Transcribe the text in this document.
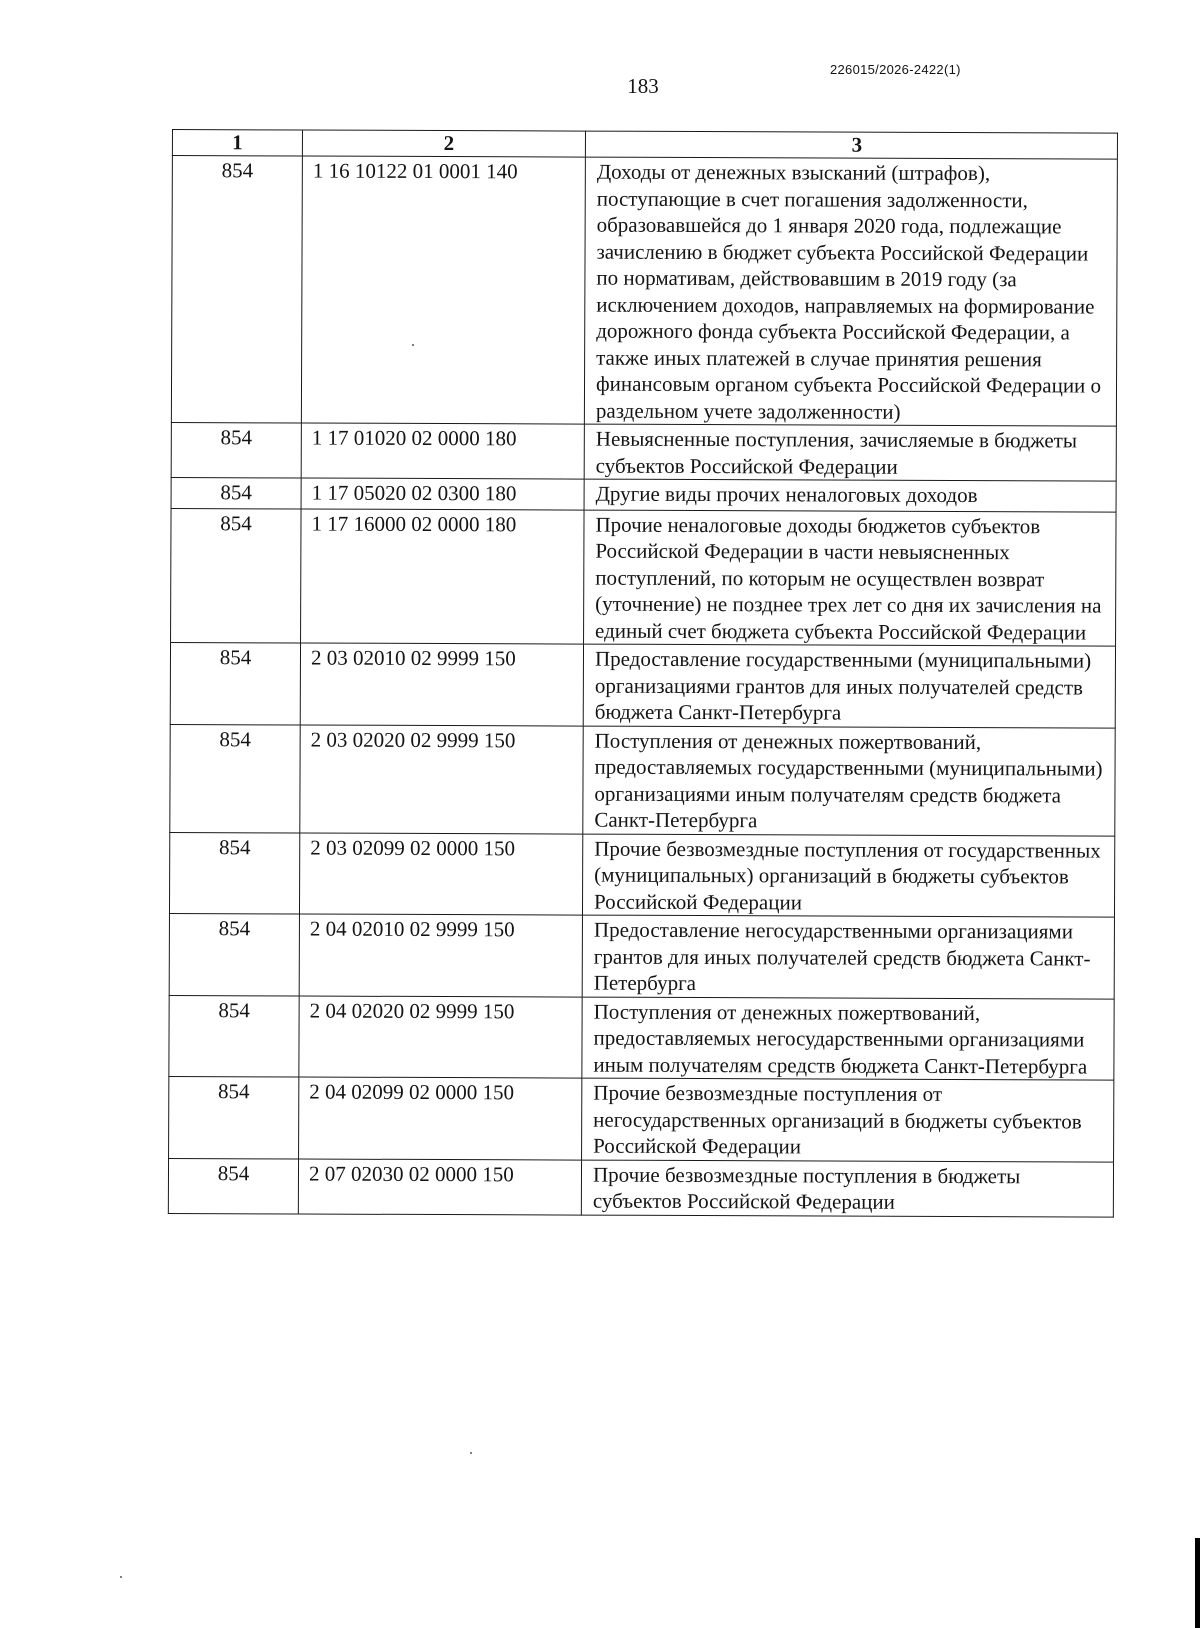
226015/2026-2422(1)
183
1	2	3
854	1 16 10122 01 0001 140	Доходы от денежных взысканий (штрафов), поступающие в счет погашения задолженности, образовавшейся до 1 января 2020 года, подлежащие зачислению в бюджет субъекта Российской Федерации по нормативам, действовавшим в 2019 году (за исключением доходов, направляемых на формирование дорожного фонда субъекта Российской Федерации, а также иных платежей в случае принятия решения финансовым органом субъекта Российской Федерации о раздельном учете задолженности)
854	1 17 01020 02 0000 180	Невыясненные поступления, зачисляемые в бюджеты субъектов Российской Федерации
854	1 17 05020 02 0300 180	Другие виды прочих неналоговых доходов
854	1 17 16000 02 0000 180	Прочие неналоговые доходы бюджетов субъектов Российской Федерации в части невыясненных поступлений, по которым не осуществлен возврат (уточнение) не позднее трех лет со дня их зачисления на единый счет бюджета субъекта Российской Федерации
854	2 03 02010 02 9999 150	Предоставление государственными (муниципальными) организациями грантов для иных получателей средств бюджета Санкт-Петербурга
854	2 03 02020 02 9999 150	Поступления от денежных пожертвований, предоставляемых государственными (муниципальными) организациями иным получателям средств бюджета Санкт-Петербурга
854	2 03 02099 02 0000 150	Прочие безвозмездные поступления от государственных (муниципальных) организаций в бюджеты субъектов Российской Федерации
854	2 04 02010 02 9999 150	Предоставление негосударственными организациями грантов для иных получателей средств бюджета Санкт-Петербурга
854	2 04 02020 02 9999 150	Поступления от денежных пожертвований, предоставляемых негосударственными организациями иным получателям средств бюджета Санкт-Петербурга
854	2 04 02099 02 0000 150	Прочие безвозмездные поступления от негосударственных организаций в бюджеты субъектов Российской Федерации
854	2 07 02030 02 0000 150	Прочие безвозмездные поступления в бюджеты субъектов Российской Федерации
